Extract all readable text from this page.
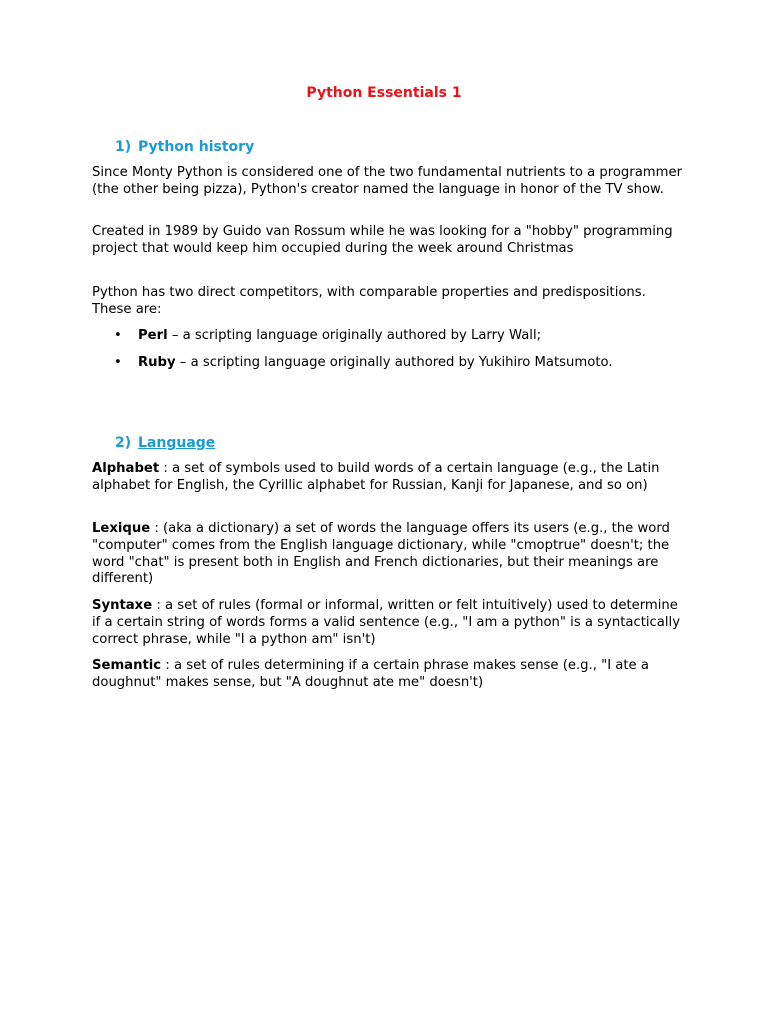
Python Essentials 1
1) Python history

Since Monty Python is considered one of the two fundamental nutrients to a programmer (the other being pizza), Python's creator named the language in honor of the TV show.

Created in 1989 by Guido van Rossum while he was looking for a "hobby" programming project that would keep him occupied during the week around Christmas

Python has two direct competitors, with comparable properties and predispositions. These are:

• Perl – a scripting language originally authored by Larry Wall;
• Ruby – a scripting language originally authored by Yukihiro Matsumoto.
2) Language

Alphabet : a set of symbols used to build words of a certain language (e.g., the Latin alphabet for English, the Cyrillic alphabet for Russian, Kanji for Japanese, and so on)

Lexique : (aka a dictionary) a set of words the language offers its users (e.g., the word "computer" comes from the English language dictionary, while "cmoptrue" doesn't; the word "chat" is present both in English and French dictionaries, but their meanings are different)

Syntaxe : a set of rules (formal or informal, written or felt intuitively) used to determine if a certain string of words forms a valid sentence (e.g., "I am a python" is a syntactically correct phrase, while "I a python am" isn't)

Semantic : a set of rules determining if a certain phrase makes sense (e.g., "I ate a doughnut" makes sense, but "A doughnut ate me" doesn't)
